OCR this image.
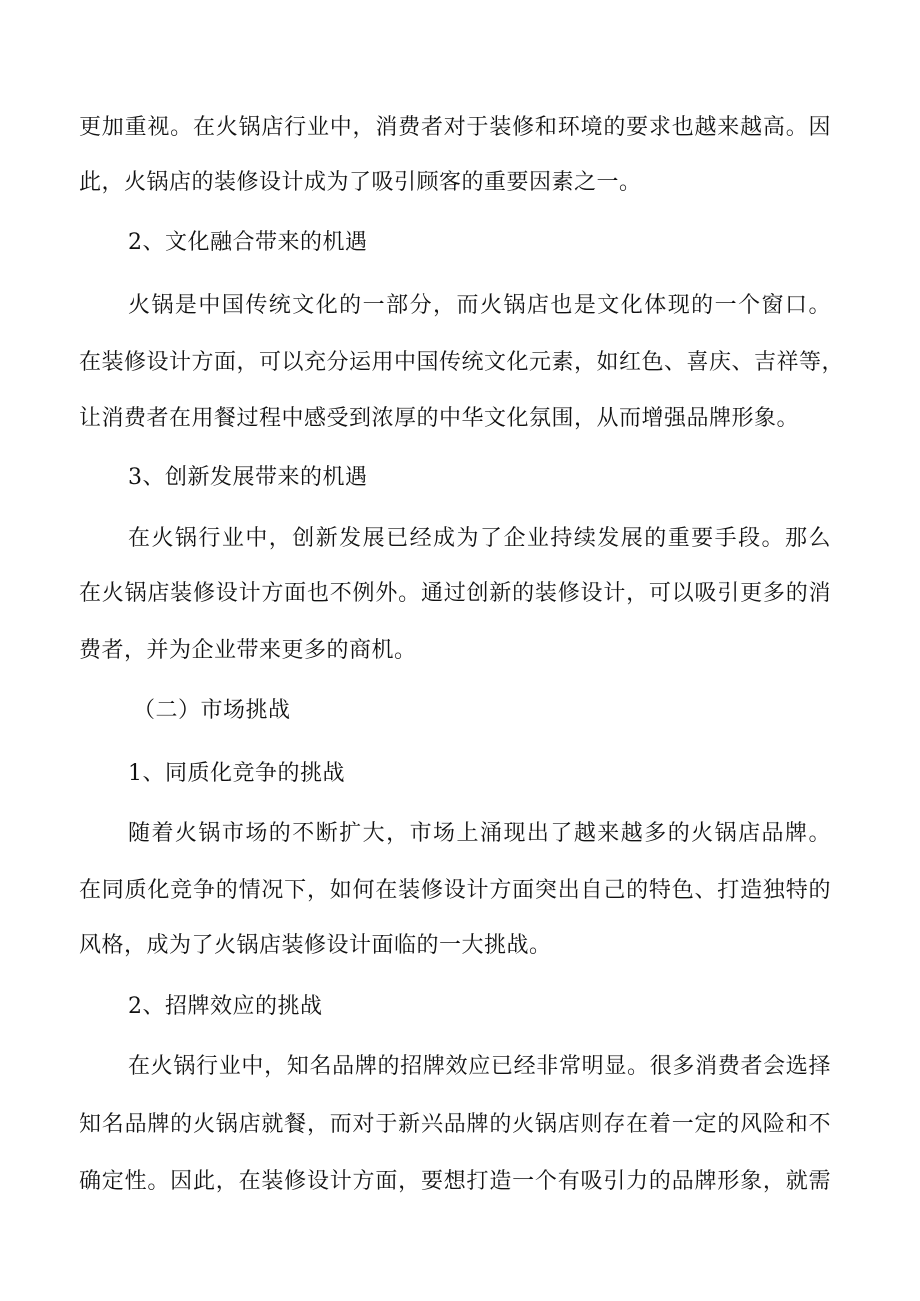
更加重视。在火锅店行业中，消费者对于装修和环境的要求也越来越高。因
此，火锅店的装修设计成为了吸引顾客的重要因素之一。
2、文化融合带来的机遇
火锅是中国传统文化的一部分，而火锅店也是文化体现的一个窗口。
在装修设计方面，可以充分运用中国传统文化元素，如红色、喜庆、吉祥等，
让消费者在用餐过程中感受到浓厚的中华文化氛围，从而增强品牌形象。
3、创新发展带来的机遇
在火锅行业中，创新发展已经成为了企业持续发展的重要手段。那么
在火锅店装修设计方面也不例外。通过创新的装修设计，可以吸引更多的消
费者，并为企业带来更多的商机。
（二）市场挑战
1、同质化竞争的挑战
随着火锅市场的不断扩大，市场上涌现出了越来越多的火锅店品牌。
在同质化竞争的情况下，如何在装修设计方面突出自己的特色、打造独特的
风格，成为了火锅店装修设计面临的一大挑战。
2、招牌效应的挑战
在火锅行业中，知名品牌的招牌效应已经非常明显。很多消费者会选择
知名品牌的火锅店就餐，而对于新兴品牌的火锅店则存在着一定的风险和不
确定性。因此，在装修设计方面，要想打造一个有吸引力的品牌形象，就需
